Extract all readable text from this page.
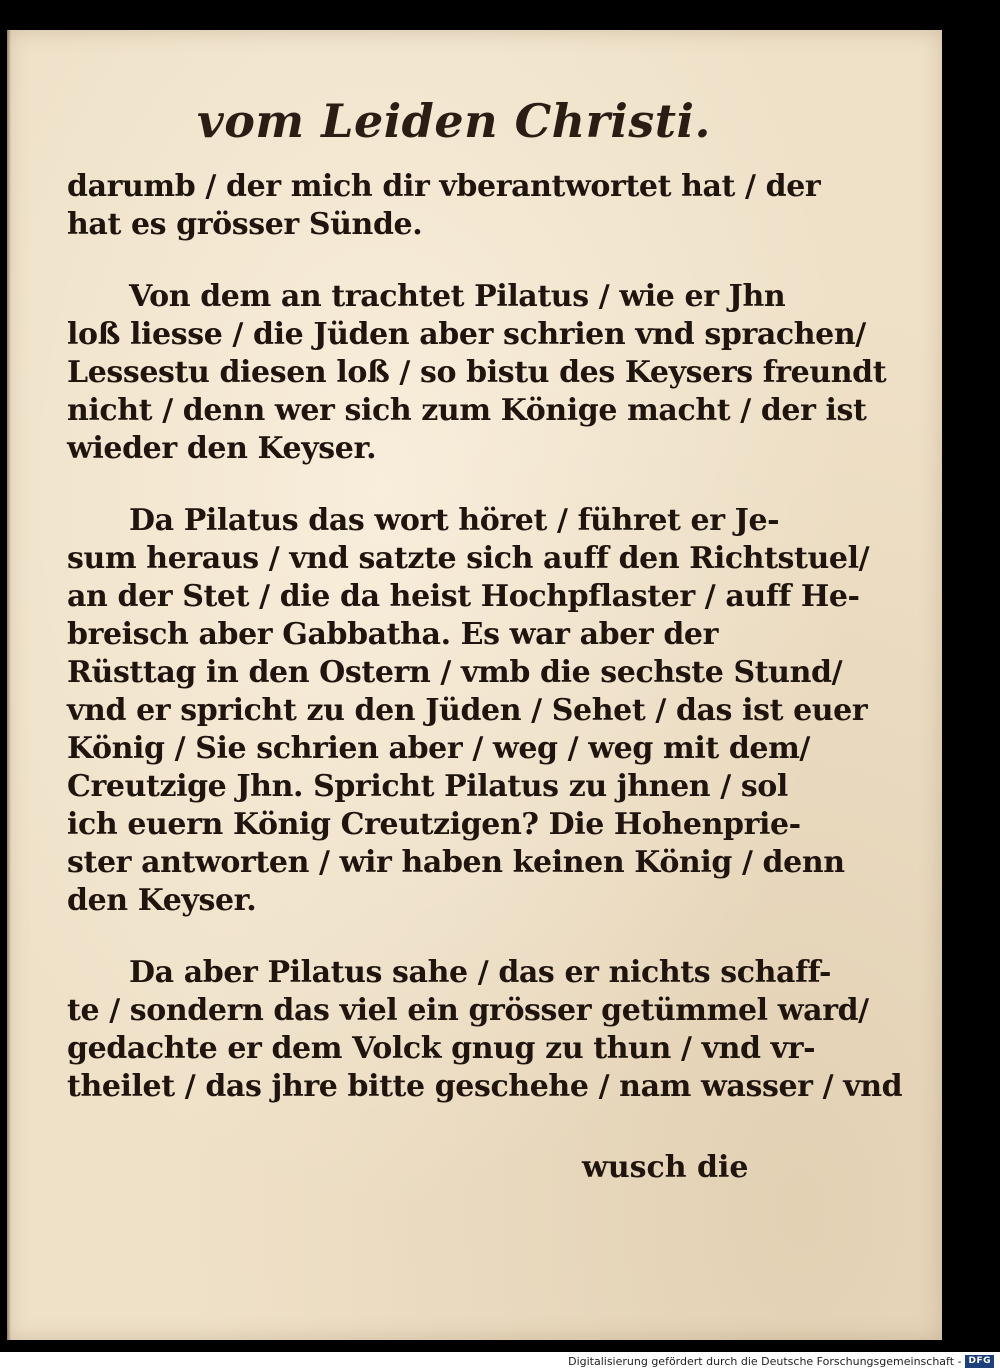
vom Leiden Christi.
darumb / der mich dir vberantwortet hat / der
hat es grösser Sünde.
Von dem an trachtet Pilatus / wie er Jhn
loß liesse / die Jüden aber schrien vnd sprachen/
Lessestu diesen loß / so bistu des Keysers freundt
nicht / denn wer sich zum Könige macht / der ist
wieder den Keyser.
Da Pilatus das wort höret / führet er Je-
sum heraus / vnd satzte sich auff den Richtstuel/
an der Stet / die da heist Hochpflaster / auff He-
breisch aber Gabbatha. Es war aber der
Rüsttag in den Ostern / vmb die sechste Stund/
vnd er spricht zu den Jüden / Sehet / das ist euer
König / Sie schrien aber / weg / weg mit dem/
Creutzige Jhn. Spricht Pilatus zu jhnen / sol
ich euern König Creutzigen? Die Hohenprie-
ster antworten / wir haben keinen König / denn
den Keyser.
Da aber Pilatus sahe / das er nichts schaff-
te / sondern das viel ein grösser getümmel ward/
gedachte er dem Volck gnug zu thun / vnd vr-
theilet / das jhre bitte geschehe / nam wasser / vnd
wusch die
Digitalisierung gefördert durch die Deutsche Forschungsgemeinschaft - DFG
